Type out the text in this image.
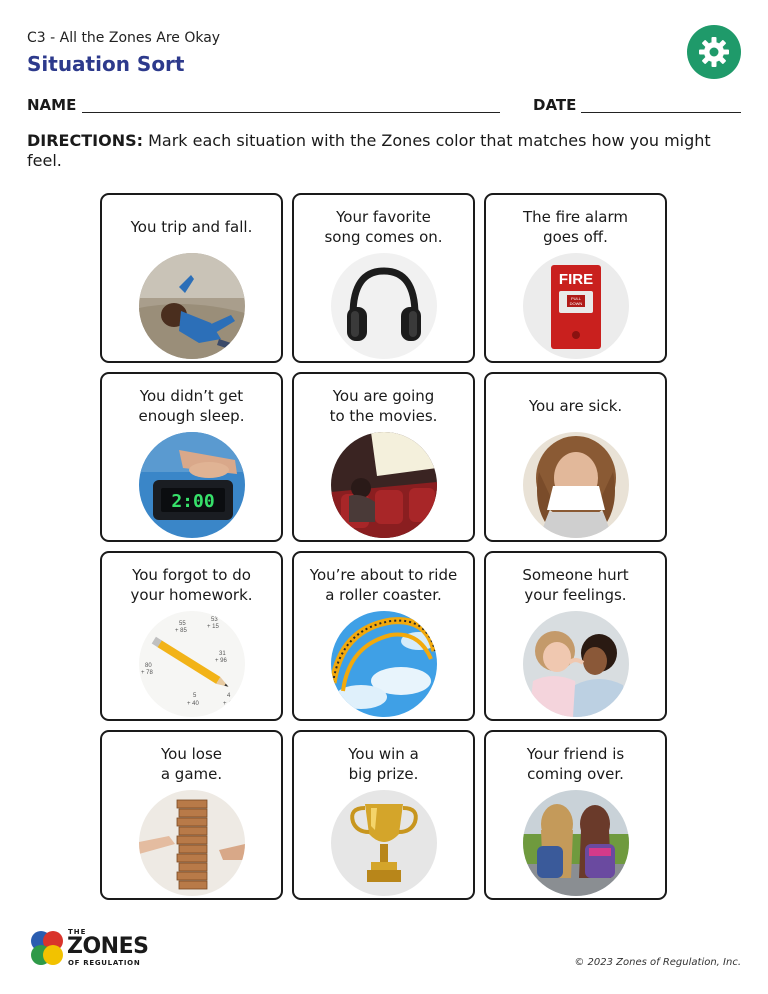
C3 - All the Zones Are Okay
Situation Sort
NAME	DATE
DIRECTIONS: Mark each situation with the Zones color that matches how you might feel.
You trip and fall.
Your favorite
song comes on.
The fire alarm
goes off.
FIRE
PULL
DOWN
You didn’t get
enough sleep.
2:00
You are going
to the movies.
You are sick.
You forgot to do
your homework.
55
+ 85
53
+ 15
31
+ 96
80
+ 78
5
+ 40
4
+ 4
You’re about to ride
a roller coaster.
Someone hurt
your feelings.
You lose
a game.
You win a
big prize.
Your friend is
coming over.
THE
ZONES
OF REGULATION	© 2023 Zones of Regulation, Inc.
